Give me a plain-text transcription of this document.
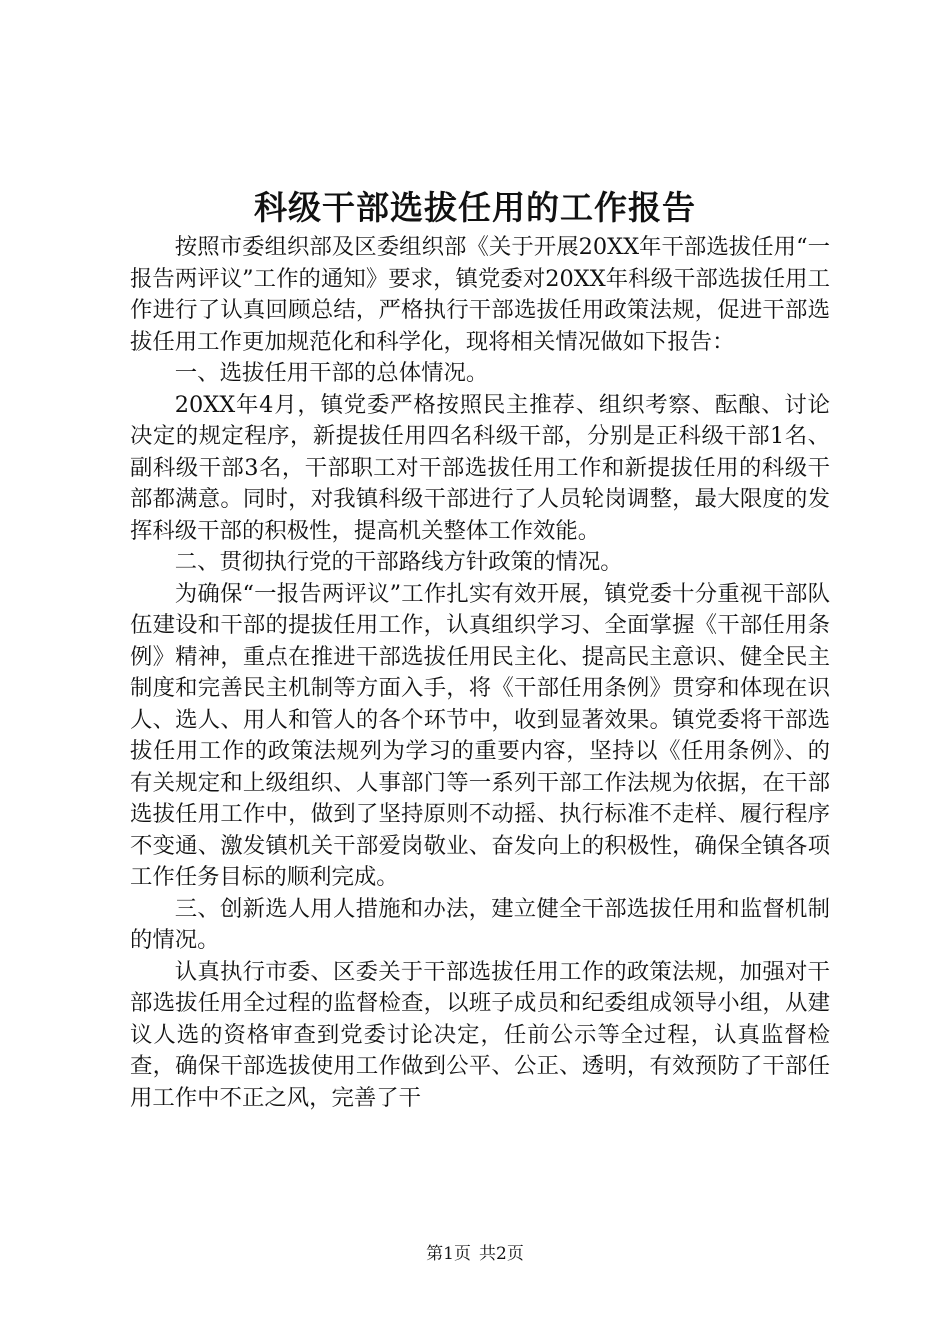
科级干部选拔任用的工作报告

按照市委组织部及区委组织部《关于开展20XX年干部选拔任用“一报告两评议”工作的通知》要求，镇党委对20XX年科级干部选拔任用工作进行了认真回顾总结，严格执行干部选拔任用政策法规，促进干部选拔任用工作更加规范化和科学化，现将相关情况做如下报告：

一、选拔任用干部的总体情况。

20XX年4月，镇党委严格按照民主推荐、组织考察、酝酿、讨论决定的规定程序，新提拔任用四名科级干部，分别是正科级干部1名、副科级干部3名，干部职工对干部选拔任用工作和新提拔任用的科级干部都满意。同时，对我镇科级干部进行了人员轮岗调整，最大限度的发挥科级干部的积极性，提高机关整体工作效能。

二、贯彻执行党的干部路线方针政策的情况。

为确保“一报告两评议”工作扎实有效开展，镇党委十分重视干部队伍建设和干部的提拔任用工作，认真组织学习、全面掌握《干部任用条例》精神，重点在推进干部选拔任用民主化、提高民主意识、健全民主制度和完善民主机制等方面入手，将《干部任用条例》贯穿和体现在识人、选人、用人和管人的各个环节中，收到显著效果。镇党委将干部选拔任用工作的政策法规列为学习的重要内容，坚持以《任用条例》、的有关规定和上级组织、人事部门等一系列干部工作法规为依据，在干部选拔任用工作中，做到了坚持原则不动摇、执行标准不走样、履行程序不变通、激发镇机关干部爱岗敬业、奋发向上的积极性，确保全镇各项工作任务目标的顺利完成。

三、创新选人用人措施和办法，建立健全干部选拔任用和监督机制的情况。

认真执行市委、区委关于干部选拔任用工作的政策法规，加强对干部选拔任用全过程的监督检查，以班子成员和纪委组成领导小组，从建议人选的资格审查到党委讨论决定，任前公示等全过程，认真监督检查，确保干部选拔使用工作做到公平、公正、透明，有效预防了干部任用工作中不正之风，完善了干

第1页 共2页
